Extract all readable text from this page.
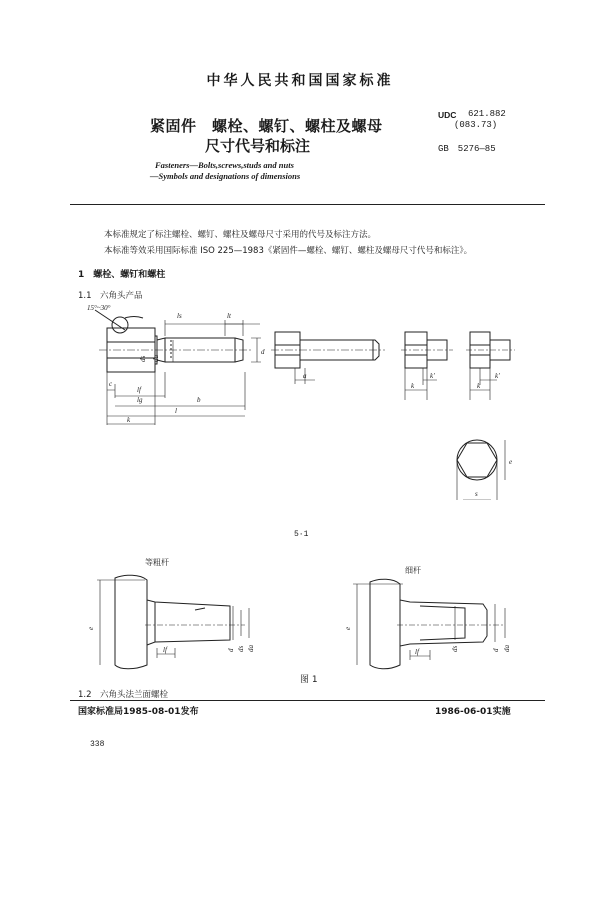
中华人民共和国国家标准
紧固件　螺栓、螺钉、螺柱及螺母
尺寸代号和标注
Fasteners—Bolts,screws,studs and nuts
—Symbols and designations of dimensions
UDC 621.882
(083.73)
GB　5276—85
本标准规定了标注螺栓、螺钉、螺柱及螺母尺寸采用的代号及标注方法。
本标准等效采用国际标准 ISO 225—1983《紧固件—螺栓、螺钉、螺柱及螺母尺寸代号和标注》。
1　螺栓、螺钉和螺柱
1.1　六角头产品
15°~30°
ls	lt
ds da
d
c
lf
lg	b
l
k
a	k'
k
k'
k
e
s
5·1
等粗杆
细杆
e
lf	d ds da
e
lf	ds	d da
图 1
1.2　六角头法兰面螺栓
国家标准局1985-08-01发布	1986-06-01实施
338
